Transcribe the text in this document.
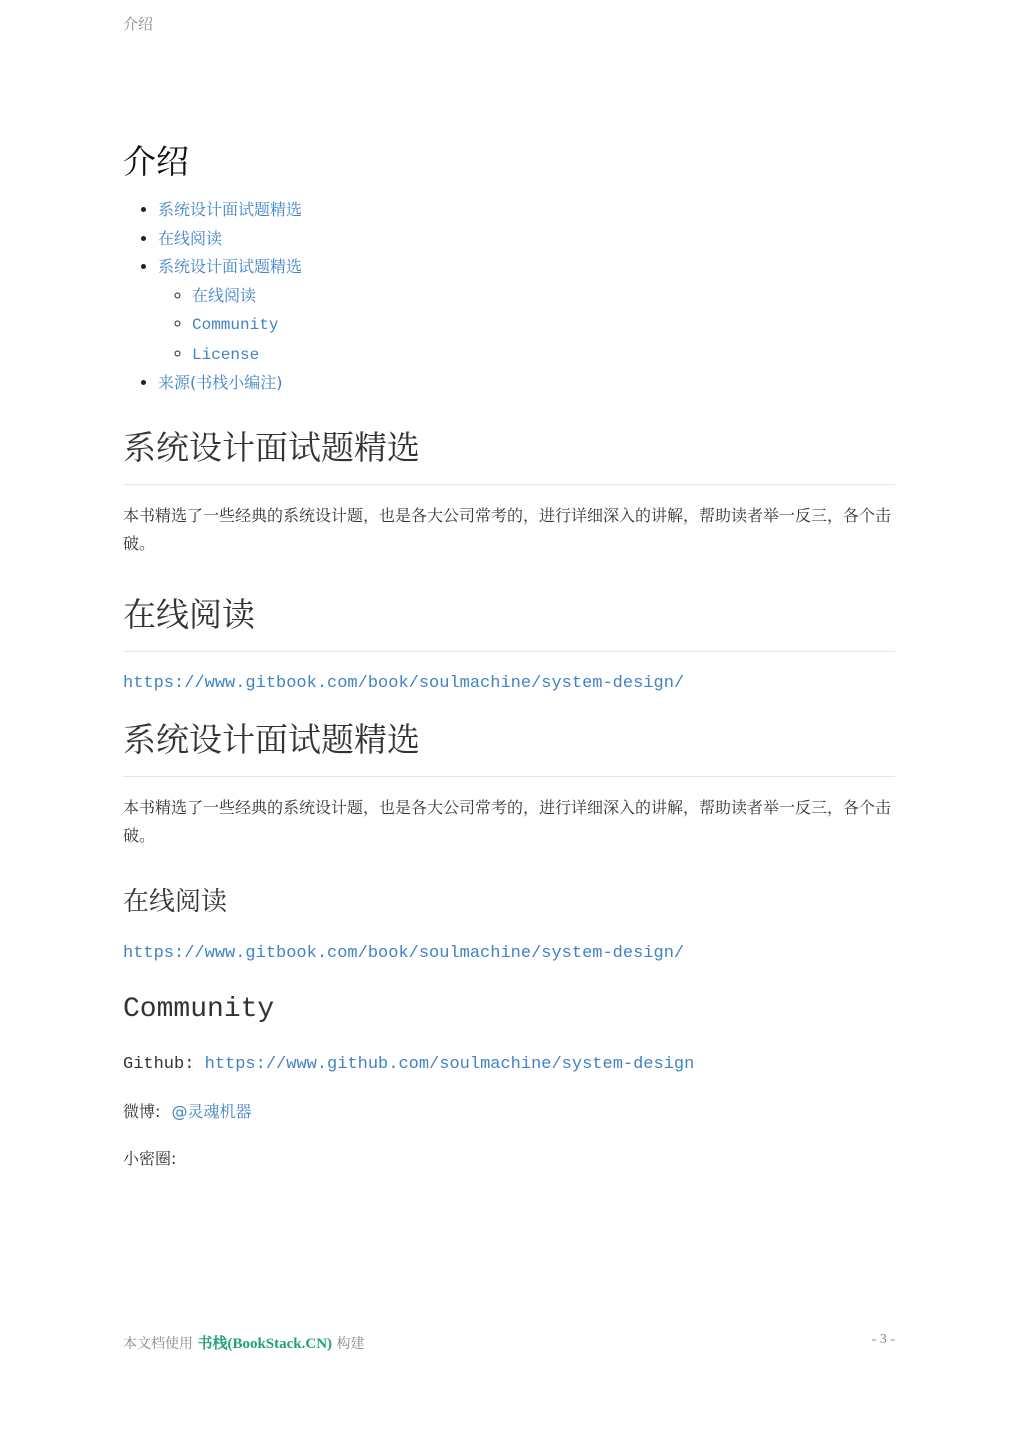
介绍
介绍
• 系统设计面试题精选
• 在线阅读
• 系统设计面试题精选
◦ 在线阅读
◦ Community
◦ License
• 来源(书栈小编注)
系统设计面试题精选

本书精选了一些经典的系统设计题，也是各大公司常考的，进行详细深入的讲解，帮助读者举一反三，各个击破。

在线阅读
https://www.gitbook.com/book/soulmachine/system-design/
系统设计面试题精选

本书精选了一些经典的系统设计题，也是各大公司常考的，进行详细深入的讲解，帮助读者举一反三，各个击破。

在线阅读
https://www.gitbook.com/book/soulmachine/system-design/
Community
Github: https://www.github.com/soulmachine/system-design
微博: @灵魂机器
小密圈:
本文档使用 书栈(BookStack.CN) 构建	- 3 -
